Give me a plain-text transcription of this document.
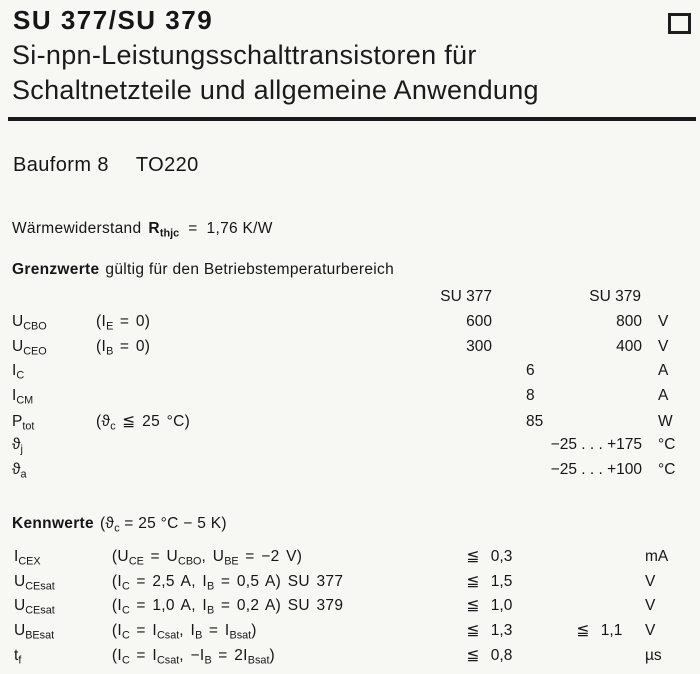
SU 377/SU 379
Si-npn-Leistungsschalttransistoren für
Schaltnetzteile und allgemeine Anwendung
Bauform 8 TO220
Wärmewiderstand $R_{thjc} = 1,76$ K/W
Grenzwerte gültig für den Betriebstemperaturbereich
SU 377	SU 379
$U_{CBO}$	$(I_E = 0)$	600	800	V
$U_{CEO}$	$(I_B = 0)$	300	400	V
$I_C$	6	A
$I_{CM}$	8	A
$P_{tot}$	($ϑ_c$ ≦ 25 °C)	85	W
$ϑ_j$	−25 . . . +175	°C
$ϑ_a$	−25 . . . +100	°C
Kennwerte ($ϑ_c = 25$ °C − 5 K)
$I_{CEX}$	($U_{CE} = U_{CBO}$, $U_{BE} = -2$ V)	≦ 0,3	mA
$U_{CEsat}$	($I_C = 2,5$ A, $I_B = 0,5$ A) SU 377	≦ 1,5	V
$U_{CEsat}$	($I_C = 1,0$ A, $I_B = 0,2$ A) SU 379	≦ 1,0	V
$U_{BEsat}$	($I_C = I_{Csat}$, $I_B = I_{Bsat}$)	≦ 1,3	≦ 1,1	V
$t_f$	($I_C = I_{Csat}$, $-I_B = 2I_{Bsat}$)	≦ 0,8	µs
